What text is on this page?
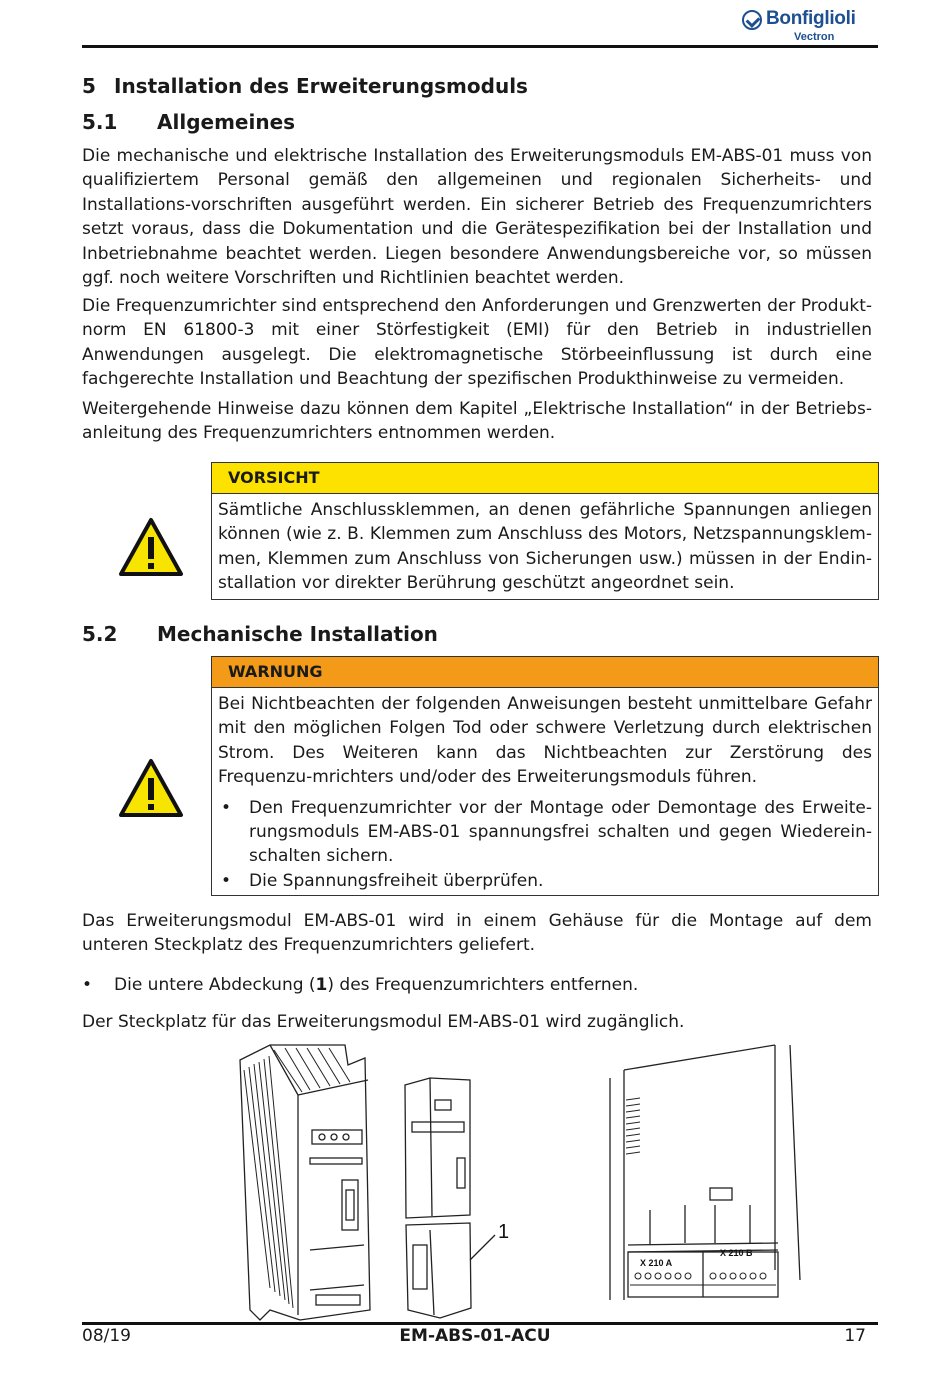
Bonfiglioli
Vectron
5 Installation des Erweiterungsmoduls
5.1 Allgemeines

Die mechanische und elektrische Installation des Erweiterungsmoduls EM-ABS-01 muss von qualifiziertem Personal gemäß den allgemeinen und regionalen Sicherheits- und Installations-vorschriften ausgeführt werden. Ein sicherer Betrieb des Frequenzumrichters setzt voraus, dass die Dokumentation und die Gerätespezifikation bei der Installation und Inbetriebnahme beachtet werden. Liegen besondere Anwendungsbereiche vor, so müssen ggf. noch weitere Vorschriften und Richtlinien beachtet werden.

Die Frequenzumrichter sind entsprechend den Anforderungen und Grenzwerten der Produkt-norm EN 61800-3 mit einer Störfestigkeit (EMI) für den Betrieb in industriellen Anwendungen ausgelegt. Die elektromagnetische Störbeeinflussung ist durch eine fachgerechte Installation und Beachtung der spezifischen Produkthinweise zu vermeiden.

Weitergehende Hinweise dazu können dem Kapitel „Elektrische Installation“ in der Betriebs-anleitung des Frequenzumrichters entnommen werden.

VORSICHT

Sämtliche Anschlussklemmen, an denen gefährliche Spannungen anliegen können (wie z. B. Klemmen zum Anschluss des Motors, Netzspannungsklem-men, Klemmen zum Anschluss von Sicherungen usw.) müssen in der Endin-stallation vor direkter Berührung geschützt angeordnet sein.

5.2 Mechanische Installation
WARNUNG

Bei Nichtbeachten der folgenden Anweisungen besteht unmittelbare Gefahr mit den möglichen Folgen Tod oder schwere Verletzung durch elektrischen Strom. Des Weiteren kann das Nichtbeachten zur Zerstörung des Frequenzu-mrichters und/oder des Erweiterungsmoduls führen.

• Den Frequenzumrichter vor der Montage oder Demontage des Erweite-rungsmoduls EM-ABS-01 spannungsfrei schalten und gegen Wiederein-schalten sichern.
• Die Spannungsfreiheit überprüfen.

Das Erweiterungsmodul EM-ABS-01 wird in einem Gehäuse für die Montage auf dem unteren Steckplatz des Frequenzumrichters geliefert.

• Die untere Abdeckung (1) des Frequenzumrichters entfernen.

Der Steckplatz für das Erweiterungsmodul EM-ABS-01 wird zugänglich.

1
X 210 A
X 210 B
08/19	EM-ABS-01-ACU	17
